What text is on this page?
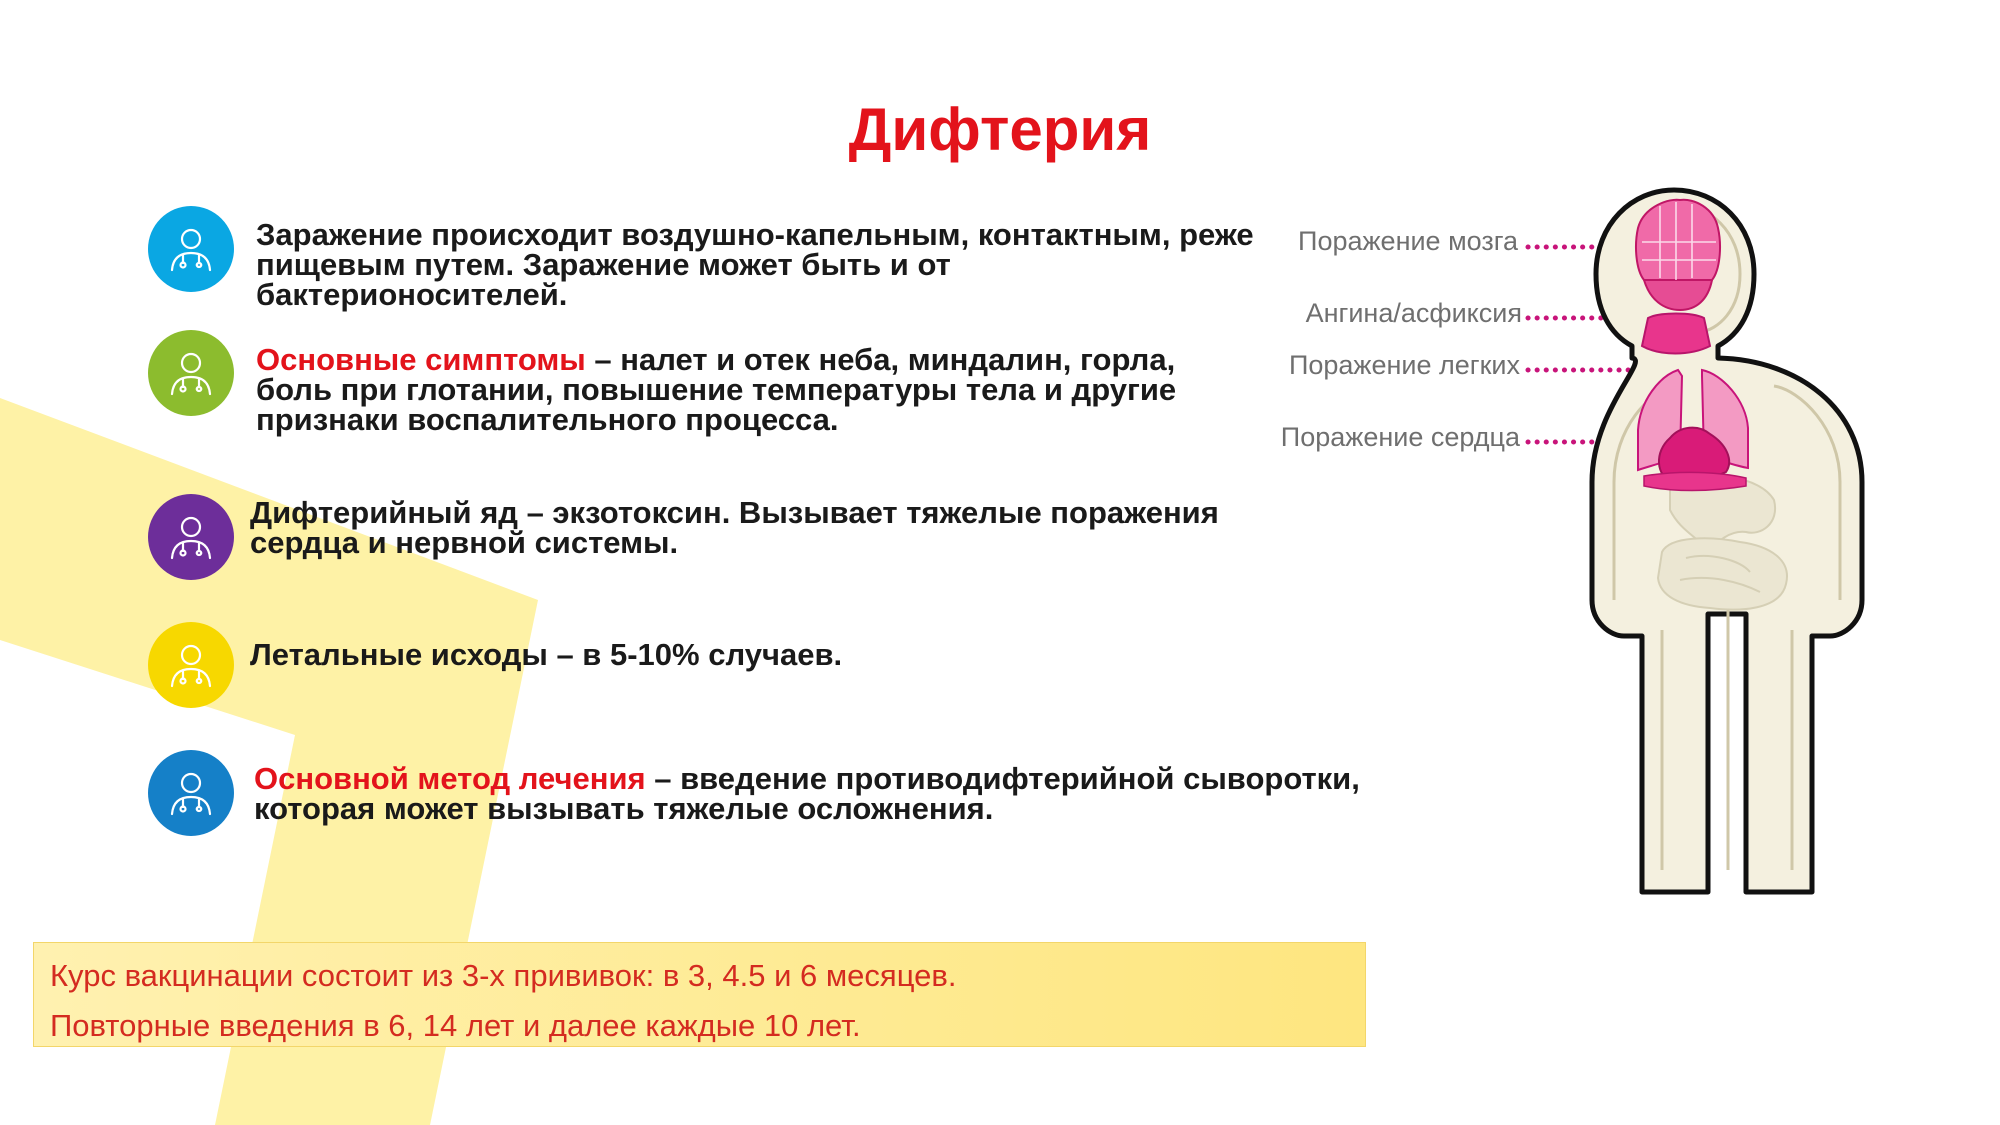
Дифтерия
Заражение происходит воздушно-капельным, контактным, реже пищевым путем. Заражение может быть и от бактерионосителей.
Основные симптомы – налет и отек неба, миндалин, горла, боль при глотании, повышение температуры тела и другие признаки воспалительного процесса.
Дифтерийный яд – экзотоксин. Вызывает тяжелые поражения сердца и нервной системы.
Летальные исходы – в 5-10% случаев.
Основной метод лечения – введение противодифтерийной сыворотки, которая может вызывать тяжелые осложнения.
Курс вакцинации состоит из 3-х прививок: в 3, 4.5 и 6 месяцев.
Повторные введения в 6, 14 лет и далее каждые 10 лет.
Поражение мозга
Ангина/асфиксия
Поражение легких
Поражение сердца
